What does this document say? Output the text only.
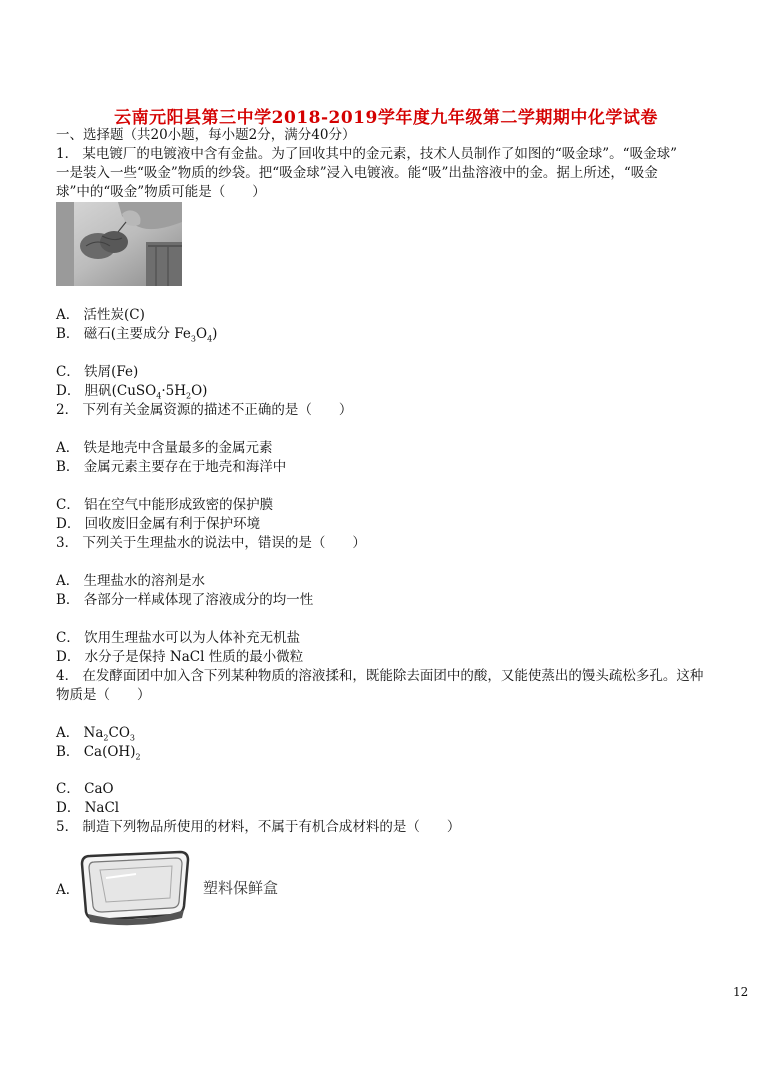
云南元阳县第三中学2018-2019学年度九年级第二学期期中化学试卷
一、选择题（共20小题，每小题2分，满分40分）
1． 某电镀厂的电镀液中含有金盐。为了回收其中的金元素，技术人员制作了如图的“吸金球”。“吸金球”
一是装入一些“吸金”物质的纱袋。把“吸金球”浸入电镀液。能“吸”出盐溶液中的金。据上所述，“吸金
球”中的“吸金”物质可能是（　　）
A． 活性炭(C)
B． 磁石(主要成分 $Fe_3O_4$)
C． 铁屑(Fe)
D． 胆矾$(CuSO_4\cdot 5H_2O)$
2． 下列有关金属资源的描述不正确的是（　　）
A． 铁是地壳中含量最多的金属元素
B． 金属元素主要存在于地壳和海洋中
C． 铝在空气中能形成致密的保护膜
D． 回收废旧金属有利于保护环境
3． 下列关于生理盐水的说法中，错误的是（　　）
A． 生理盐水的溶剂是水
B． 各部分一样咸体现了溶液成分的均一性
C． 饮用生理盐水可以为人体补充无机盐
D． 水分子是保持 NaCl 性质的最小微粒
4． 在发酵面团中加入含下列某种物质的溶液揉和，既能除去面团中的酸，又能使蒸出的馒头疏松多孔。这种
物质是（　　）
A． $Na_2CO_3$
B． $Ca(OH)_2$
C． CaO
D． NaCl
5． 制造下列物品所使用的材料，不属于有机合成材料的是（　　）
A．	塑料保鲜盒
12
